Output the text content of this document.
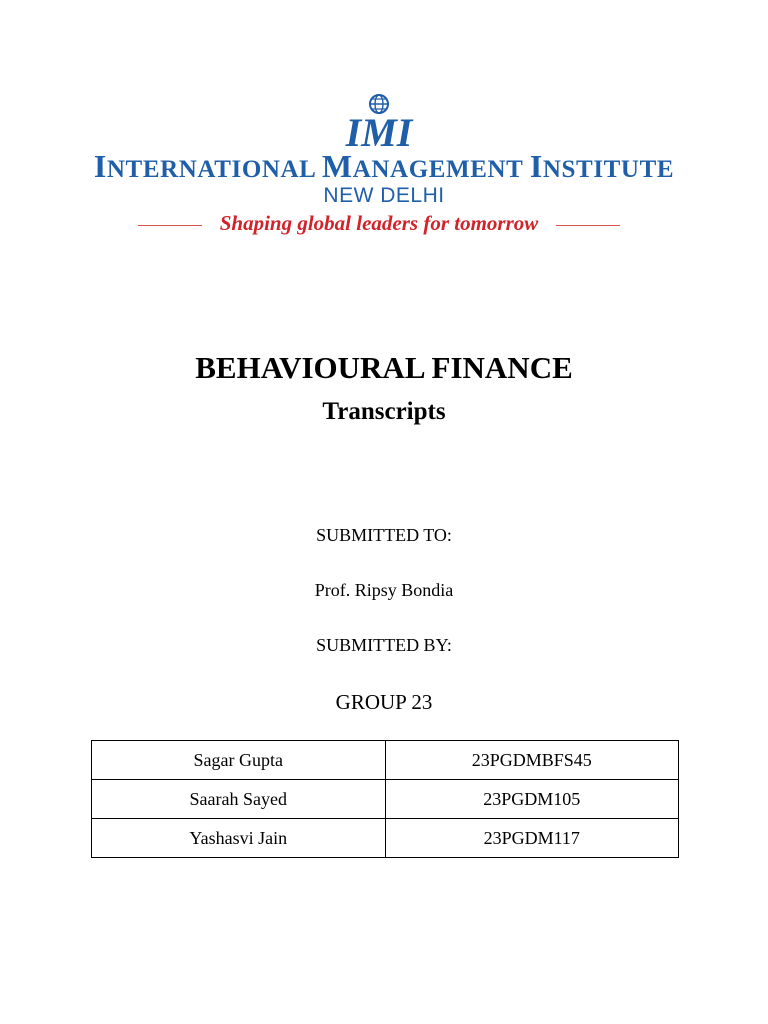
IMI
INTERNATIONAL MANAGEMENT INSTITUTE
NEW DELHI
Shaping global leaders for tomorrow
BEHAVIOURAL FINANCE
Transcripts
SUBMITTED TO:
Prof. Ripsy Bondia
SUBMITTED BY:
GROUP 23
Sagar Gupta	23PGDMBFS45
Saarah Sayed	23PGDM105
Yashasvi Jain	23PGDM117
